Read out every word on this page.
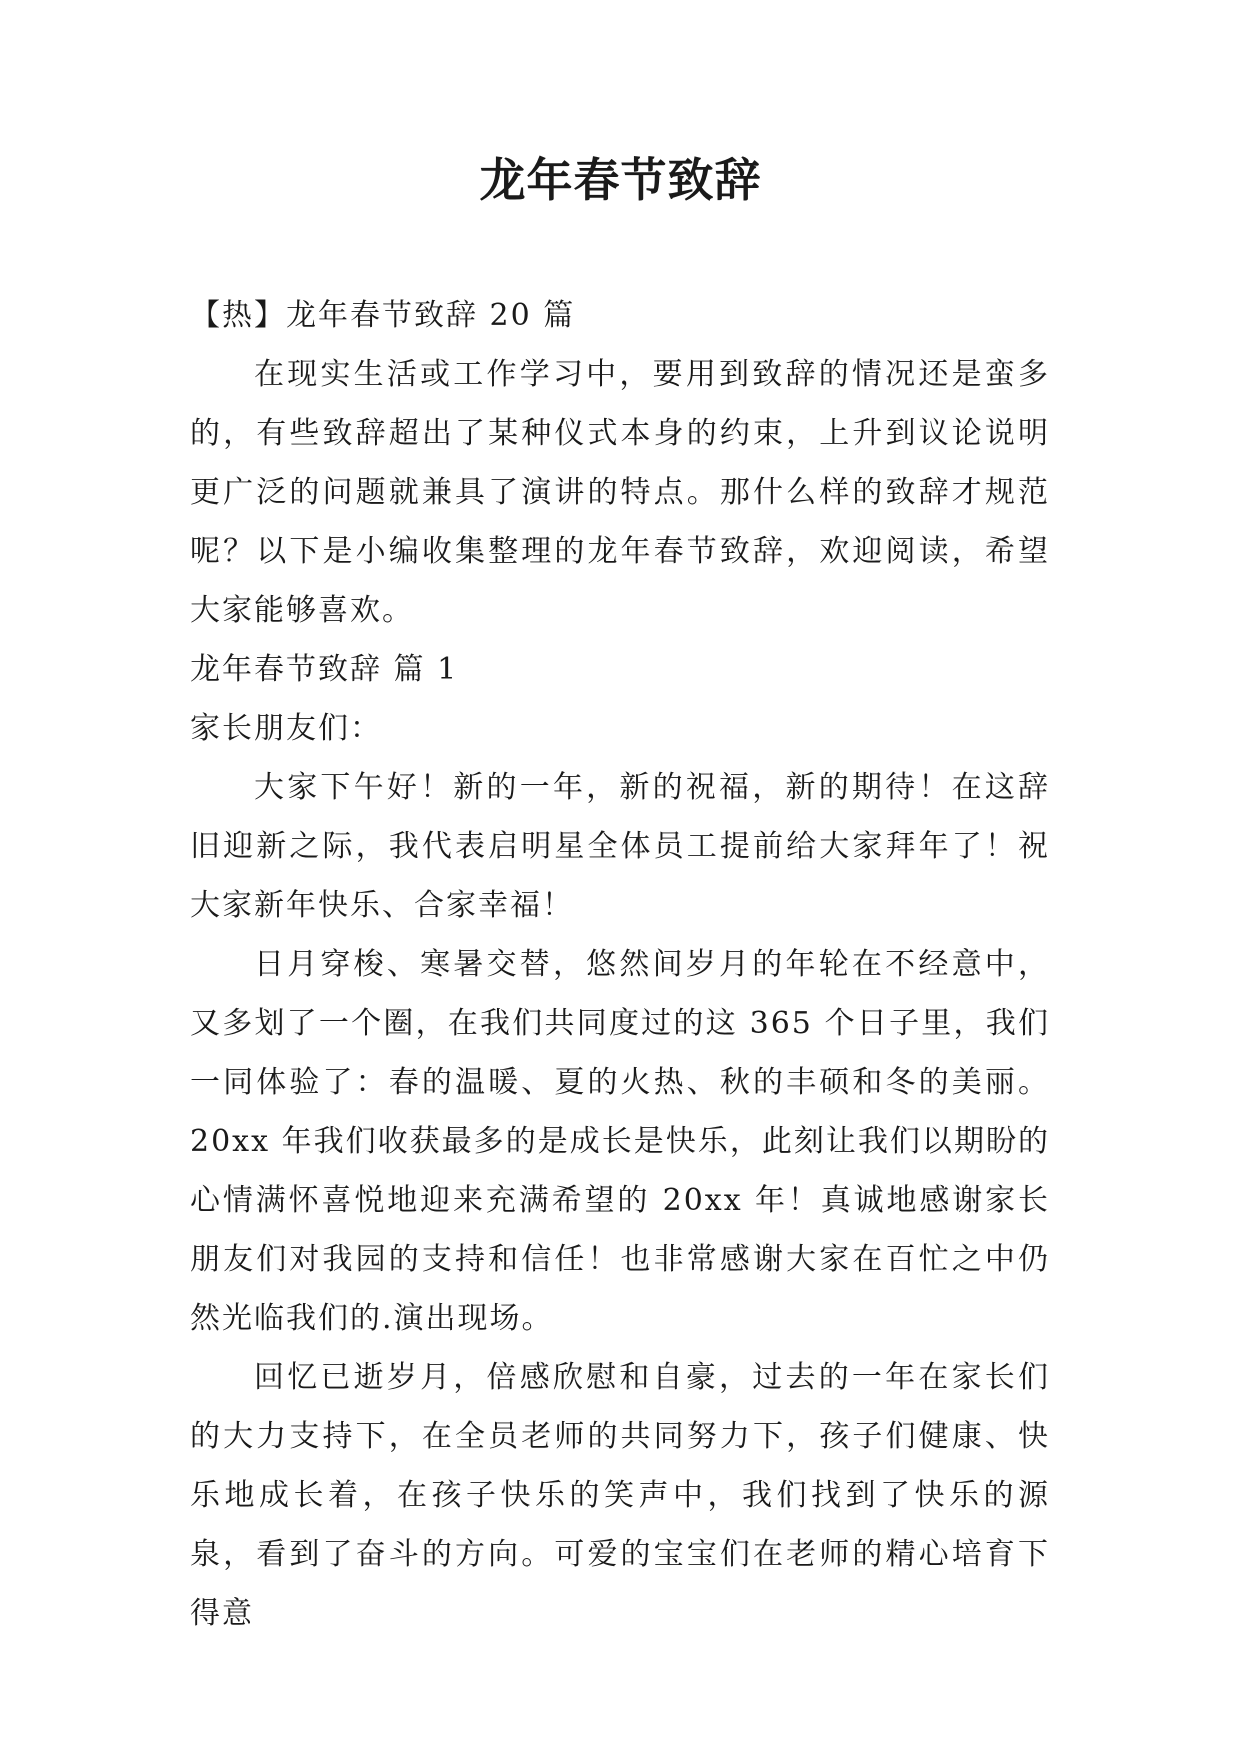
龙年春节致辞

【热】龙年春节致辞 20 篇

在现实生活或工作学习中，要用到致辞的情况还是蛮多的，有些致辞超出了某种仪式本身的约束，上升到议论说明更广泛的问题就兼具了演讲的特点。那什么样的致辞才规范呢？以下是小编收集整理的龙年春节致辞，欢迎阅读，希望大家能够喜欢。

龙年春节致辞 篇 1

家长朋友们：

大家下午好！新的一年，新的祝福，新的期待！在这辞旧迎新之际，我代表启明星全体员工提前给大家拜年了！祝大家新年快乐、合家幸福！

日月穿梭、寒暑交替，悠然间岁月的年轮在不经意中，又多划了一个圈，在我们共同度过的这 365 个日子里，我们一同体验了：春的温暖、夏的火热、秋的丰硕和冬的美丽。20xx 年我们收获最多的是成长是快乐，此刻让我们以期盼的心情满怀喜悦地迎来充满希望的 20xx 年！真诚地感谢家长朋友们对我园的支持和信任！也非常感谢大家在百忙之中仍然光临我们的.演出现场。

回忆已逝岁月，倍感欣慰和自豪，过去的一年在家长们的大力支持下，在全员老师的共同努力下，孩子们健康、快乐地成长着，在孩子快乐的笑声中，我们找到了快乐的源泉，看到了奋斗的方向。可爱的宝宝们在老师的精心培育下得意
